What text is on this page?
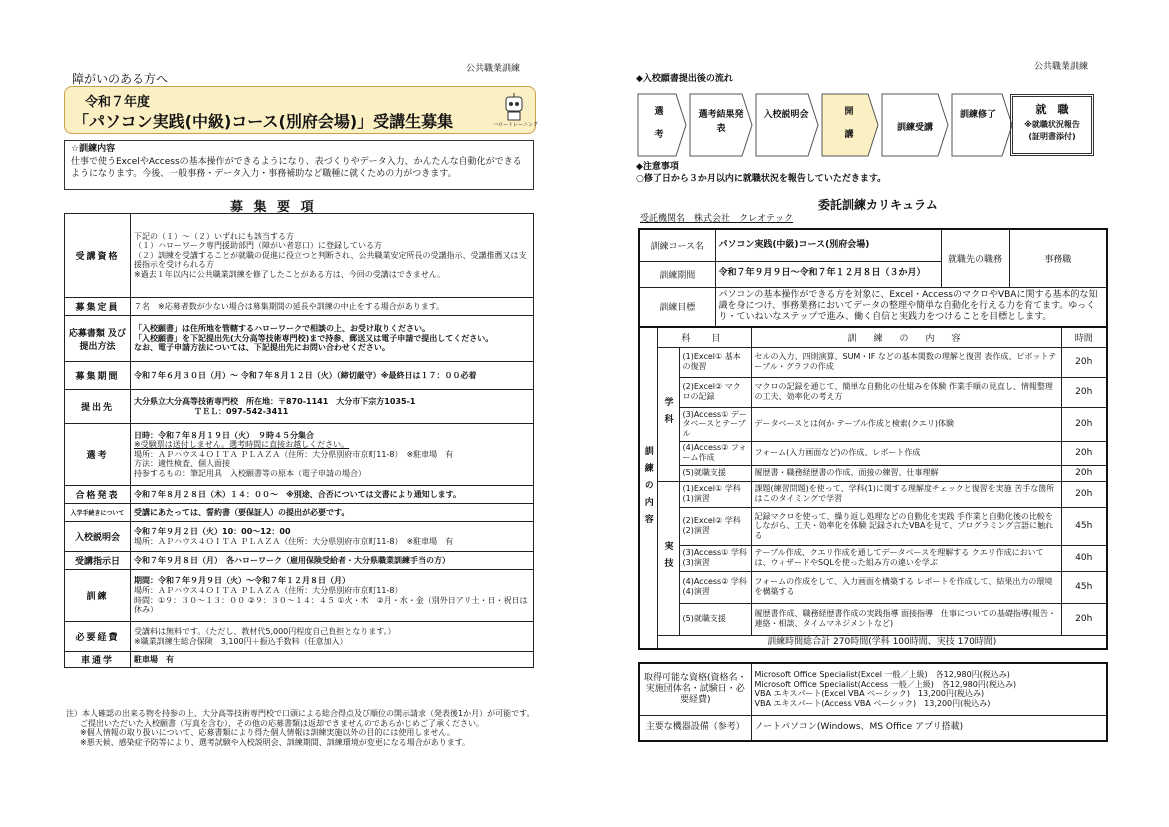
公共職業訓練
障がいのある方へ
令和７年度
「パソコン実践(中級)コース(別府会場)」受講生募集	ハロートレーニング
☆訓練内容
仕事で使うExcelやAccessの基本操作ができるようになり、表づくりやデータ入力、かんたんな自動化ができるようになります。今後、一般事務・データ入力・事務補助など職種に就くための力がつきます。
募 集 要 項
受講資格	下記の（１）～（２）いずれにも該当する方
（１）ハローワーク専門援助部門（障がい者窓口）に登録している方
（２）訓練を受講することが就職の促進に役立つと判断され、公共職業安定所長の受講指示、受講推薦又は支援指示を受けられる方
※過去１年以内に公共職業訓練を修了したことがある方は、今回の受講はできません。

募集定員	７名　※応募者数が少ない場合は募集期間の延長や訓練の中止をする場合があります。

応募書類 及び 提出方法	「入校願書」は住所地を管轄するハローワークで相談の上、お受け取りください。
「入校願書」を下記提出先(大分高等技術専門校)まで持参、郵送又は電子申請で提出してください。
なお、電子申請方法については、下記提出先にお問い合わせください。

募集期間	令和７年６月３０日（月）～ 令和７年８月１２日（火）（締切厳守）※最終日は１７：００必着

提出先	大分県立大分高等技術専門校　所在地：〒870-1141　大分市下宗方1035-1
ＴＥＬ：097-542-3411

選考	日時：令和７年８月１９日（火）　９時４５分集合
※受験票は送付しません。選考時間に直接お越しください。
場所：ＡＰハウス４ＯＩＴＡ ＰＬＡＺＡ（住所：大分県別府市京町11-8）　※駐車場　有
方法：適性検査、個人面接
持参するもの：筆記用具　入校願書等の原本（電子申請の場合）

合格発表	令和７年８月２８日（木）１４：００～　※別途、合否については文書により通知します。

入学手続きについて	受講にあたっては、誓約書（要保証人）の提出が必要です。

入校説明会	令和７年９月２日（火）10：00～12：00
場所：ＡＰハウス４ＯＩＴＡ ＰＬＡＺＡ（住所：大分県別府市京町11-8）　※駐車場　有

受講指示日	令和７年９月８日（月）　各ハローワーク（雇用保険受給者・大分県職業訓練手当の方）

訓練	期間：令和７年９月９日（火）～令和７年１２月８日（月）
場所：ＡＰハウス４ＯＩＴＡ ＰＬＡＺＡ（住所：大分県別府市京町11-8）
時間：①９：３０～１３：００ ②９：３０～１４：４５ ①火・木　②月・水・金（別外日アリ土・日・祝日は休み）

必要経費	受講料は無料です。（ただし、教材代5,000円程度自己負担となります。）
※職業訓練生総合保険　3,100円＋振込手数料（任意加入）

車通学	駐車場　有
注）本人確認の出来る物を持参の上、大分高等技術専門校で口頭による総合得点及び順位の開示請求（発表後1か月）が可能です。
ご提出いただいた入校願書（写真を含む）、その他の応募書類は返却できませんのであらかじめご了承ください。
※個人情報の取り扱いについて、応募書類により得た個人情報は訓練実施以外の目的には使用しません。
※悪天候、感染症予防等により、選考試験や入校説明会、訓練期間、訓練環境が変更になる場合があります。
公共職業訓練
◆入校願書提出後の流れ
選考	選考結果発表
入校説明会	開講	訓練受講
訓練修了	就　職
※就職状況報告
(証明書添付)
◆注意事項
○修了日から３か月以内に就職状況を報告していただきます。
委託訓練カリキュラム
受託機関名　株式会社　クレオテック
訓練コース名	パソコン実践(中級)コース(別府会場)	就職先の職務	事務職
訓練期間	令和７年９月９日～令和７年１２月８日（３か月）		
訓練目標	パソコンの基本操作ができる方を対象に、Excel・AccessのマクロやVBAに関する基本的な知識を身につけ、事務業務においてデータの整理や簡単な自動化を行える力を育てます。ゆっくり・ていねいなステップで進み、働く自信と実践力をつけることを目標とします。		
訓練の内容	科　目		訓　練　の　内　容	時間

	学科	(1)Excel① 基本の復習	セルの入力、四則演算、SUM・IF などの基本関数の理解と復習 表作成、ピボットテーブル・グラフの作成	20h
		(2)Excel② マクロの記録	マクロの記録を通じて、簡単な自動化の仕組みを体験 作業手順の見直し、情報整理の工夫、効率化の考え方	20h
		(3)Access① データベースとテーブル	データベースとは何か テーブル作成と検索(クエリ)体験	20h
		(4)Access② フォーム作成	フォーム(入力画面など)の作成、レポート作成	20h
		(5)就職支援	履歴書・職務経歴書の作成、面接の練習、仕事理解	20h

	実技	(1)Excel① 学科(1)演習	課題(練習問題)を使って、学科(1)に関する理解度チェックと復習を実施 苦手な箇所はこのタイミングで学習	20h
		(2)Excel② 学科(2)演習	記録マクロを使って、繰り返し処理などの自動化を実践 手作業と自動化後の比較をしながら、工夫・効率化を体験 記録されたVBAを見て、プログラミング言語に触れる	45h
		(3)Access① 学科(3)演習	テーブル作成、クエリ作成を通してデータベースを理解する クエリ作成においては、ウィザードやSQLを使った組み方の違いを学ぶ	40h
		(4)Access② 学科(4)演習	フォームの作成をして、入力画面を構築する レポートを作成して、結果出力の環境を構築する	45h
		(5)就職支援	履歴書作成、職務経歴書作成の実践指導 面接指導　仕事についての基礎指導(報告・連絡・相談、タイムマネジメントなど)	20h
	訓練時間総合計 270時間(学科 100時間、実技 170時間)			
取得可能な資格(資格名・実施団体名・試験日・必要経費)	Microsoft Office Specialist(Excel 一般／上級)　各12,980円(税込み)
Microsoft Office Specialist(Access 一般／上級)　各12,980円(税込み)
VBA エキスパート(Excel VBA ベーシック)　13,200円(税込み)
VBA エキスパート(Access VBA ベーシック)　13,200円(税込み)

主要な機器設備（参考）	ノートパソコン(Windows、MS Office アプリ搭載)
